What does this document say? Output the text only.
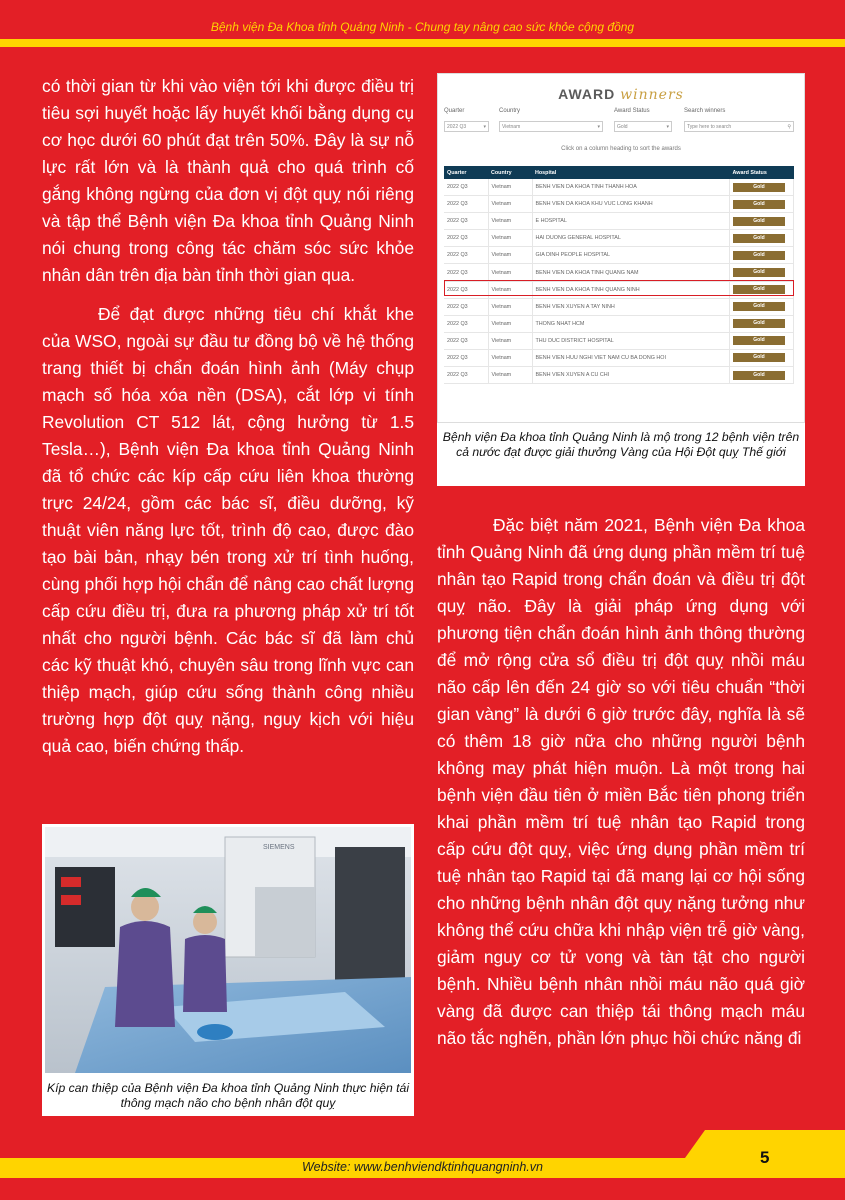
Bệnh viện Đa Khoa tỉnh Quảng Ninh - Chung tay nâng cao sức khỏe cộng đồng

có thời gian từ khi vào viện tới khi được điều trị tiêu sợi huyết hoặc lấy huyết khối bằng dụng cụ cơ học dưới 60 phút đạt trên 50%. Đây là sự nỗ lực rất lớn và là thành quả cho quá trình cố gắng không ngừng của đơn vị đột quỵ nói riêng và tập thể Bệnh viện Đa khoa tỉnh Quảng Ninh nói chung trong công tác chăm sóc sức khỏe nhân dân trên địa bàn tỉnh thời gian qua.

Để đạt được những tiêu chí khắt khe của WSO, ngoài sự đầu tư đồng bộ về hệ thống trang thiết bị chẩn đoán hình ảnh (Máy chụp mạch số hóa xóa nền (DSA), cắt lớp vi tính Revolution CT 512 lát, cộng hưởng từ 1.5 Tesla…), Bệnh viện Đa khoa tỉnh Quảng Ninh đã tổ chức các kíp cấp cứu liên khoa thường trực 24/24, gồm các bác sĩ, điều dưỡng, kỹ thuật viên năng lực tốt, trình độ cao, được đào tạo bài bản, nhạy bén trong xử trí tình huống, cùng phối hợp hội chẩn để nâng cao chất lượng cấp cứu điều trị, đưa ra phương pháp xử trí tốt nhất cho người bệnh. Các bác sĩ đã làm chủ các kỹ thuật khó, chuyên sâu trong lĩnh vực can thiệp mạch, giúp cứu sống thành công nhiều trường hợp đột quỵ nặng, nguy kịch với hiệu quả cao, biến chứng thấp.

AWARD winners
Quarter
2022 Q3	▾
Country
Vietnam	▾
Award Status
Gold	▾
Search winners
Type here to search	⚲
Click on a column heading to sort the awards
Quarter	Country	Hospital	Award Status
2022 Q3	Vietnam	BENH VIEN DA KHOA TINH THANH HOA	Gold
2022 Q3	Vietnam	BENH VIEN DA KHOA KHU VUC LONG KHANH	Gold
2022 Q3	Vietnam	E HOSPITAL	Gold
2022 Q3	Vietnam	HAI DUONG GENERAL HOSPITAL	Gold
2022 Q3	Vietnam	GIA DINH PEOPLE HOSPITAL	Gold
2022 Q3	Vietnam	BENH VIEN DA KHOA TINH QUANG NAM	Gold
2022 Q3	Vietnam	BENH VIEN DA KHOA TINH QUANG NINH	Gold
2022 Q3	Vietnam	BENH VIEN XUYEN A TAY NINH	Gold
2022 Q3	Vietnam	THONG NHAT HCM	Gold
2022 Q3	Vietnam	THU DUC DISTRICT HOSPITAL	Gold
2022 Q3	Vietnam	BENH VIEN HUU NGHI VIET NAM CU BA DONG HOI	Gold
2022 Q3	Vietnam	BENH VIEN XUYEN A CU CHI	Gold
Bệnh viện Đa khoa tỉnh Quảng Ninh là mộ trong 12 bệnh viện trên cả nước đạt được giải thưởng Vàng của Hội Đột quỵ Thế giới

Đặc biệt năm 2021, Bệnh viện Đa khoa tỉnh Quảng Ninh đã ứng dụng phần mềm trí tuệ nhân tạo Rapid trong chẩn đoán và điều trị đột quỵ não. Đây là giải pháp ứng dụng với phương tiện chẩn đoán hình ảnh thông thường để mở rộng cửa sổ điều trị đột quỵ nhồi máu não cấp lên đến 24 giờ so với tiêu chuẩn “thời gian vàng” là dưới 6 giờ trước đây, nghĩa là sẽ có thêm 18 giờ nữa cho những người bệnh không may phát hiện muộn. Là một trong hai bệnh viện đầu tiên ở miền Bắc tiên phong triển khai phần mềm trí tuệ nhân tạo Rapid trong cấp cứu đột quỵ, việc ứng dụng phần mềm trí tuệ nhân tạo Rapid tại đã mang lại cơ hội sống cho những bệnh nhân đột quỵ nặng tưởng như không thể cứu chữa khi nhập viện trễ giờ vàng, giảm nguy cơ tử vong và tàn tật cho người bệnh. Nhiều bệnh nhân nhồi máu não quá giờ vàng đã được can thiệp tái thông mạch máu não tắc nghẽn, phần lớn phục hồi chức năng đi

SIEMENS
Kíp can thiệp của Bệnh viện Đa khoa tỉnh Quảng Ninh thực hiện tái thông mạch não cho bệnh nhân đột quỵ
Website: www.benhviendktinhquangninh.vn	5
